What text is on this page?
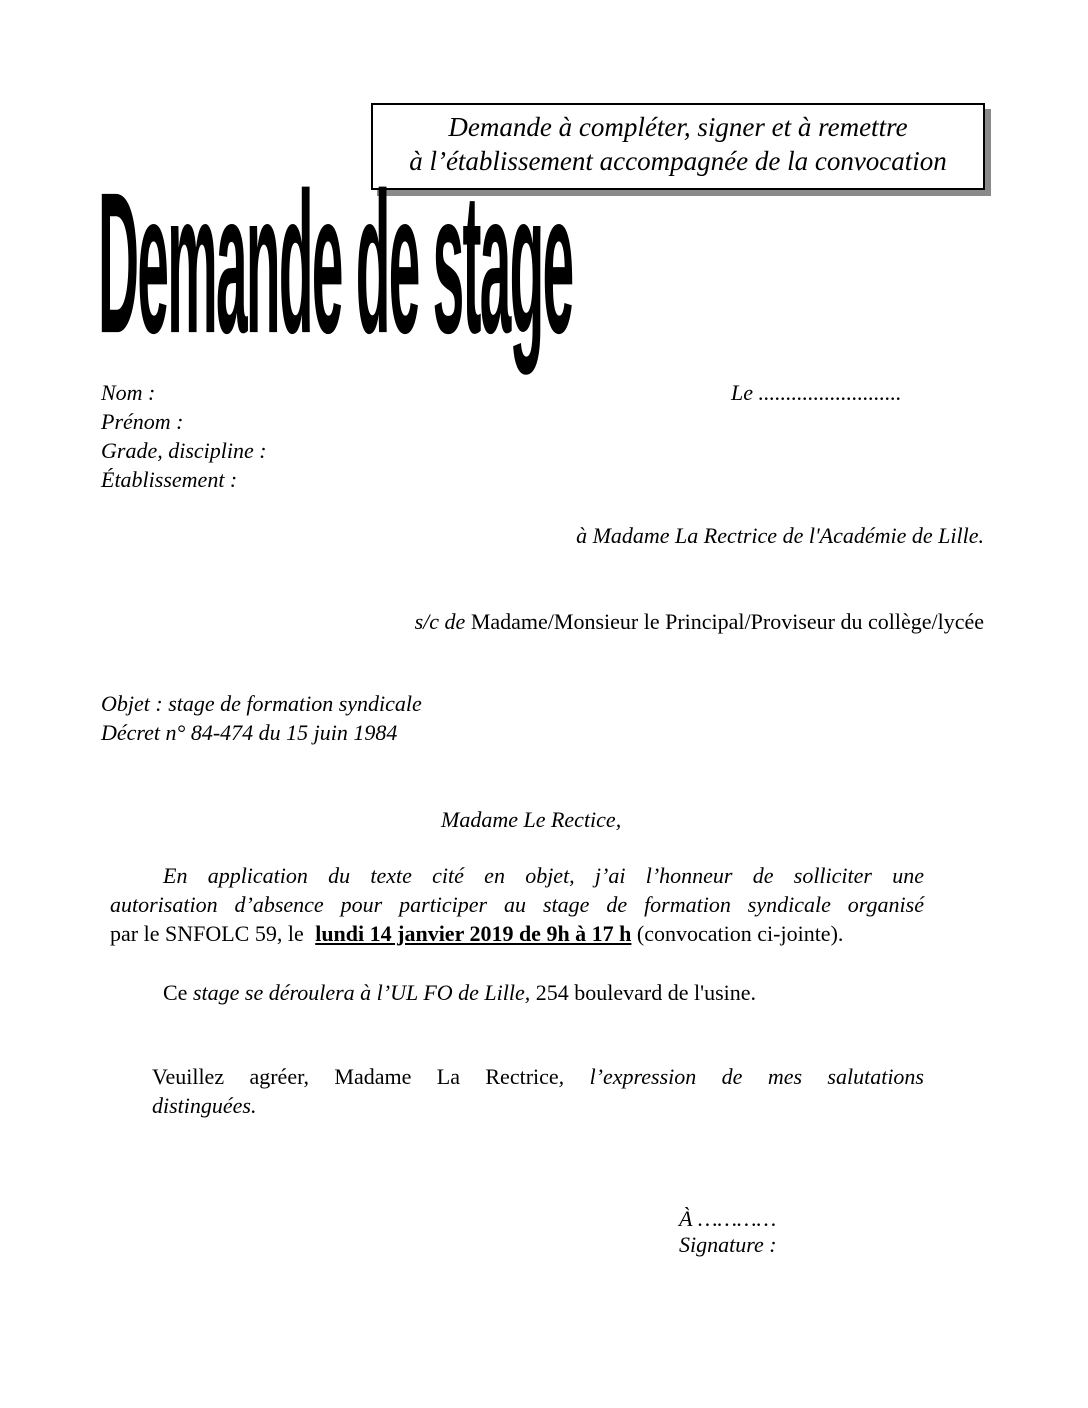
Demande à compléter, signer et à remettre
à l’établissement accompagnée de la convocation
Demande de stage
Nom :
Prénom :
Grade, discipline :
Établissement :
Le ..........................
à Madame La Rectrice de l'Académie de Lille.
s/c de Madame/Monsieur le Principal/Proviseur du collège/lycée
Objet : stage de formation syndicale
Décret n° 84-474 du 15 juin 1984
Madame Le Rectice,
En application du texte cité en objet, j’ai l’honneur de solliciter une
autorisation d’absence pour participer au stage de formation syndicale organisé
par le SNFOLC 59, le lundi 14 janvier 2019 de 9h à 17 h (convocation ci-jointe).
Ce stage se déroulera à l’UL FO de Lille, 254 boulevard de l'usine.
Veuillez agréer, Madame La Rectrice, l’expression de mes salutations
distinguées.
À …………
Signature :
